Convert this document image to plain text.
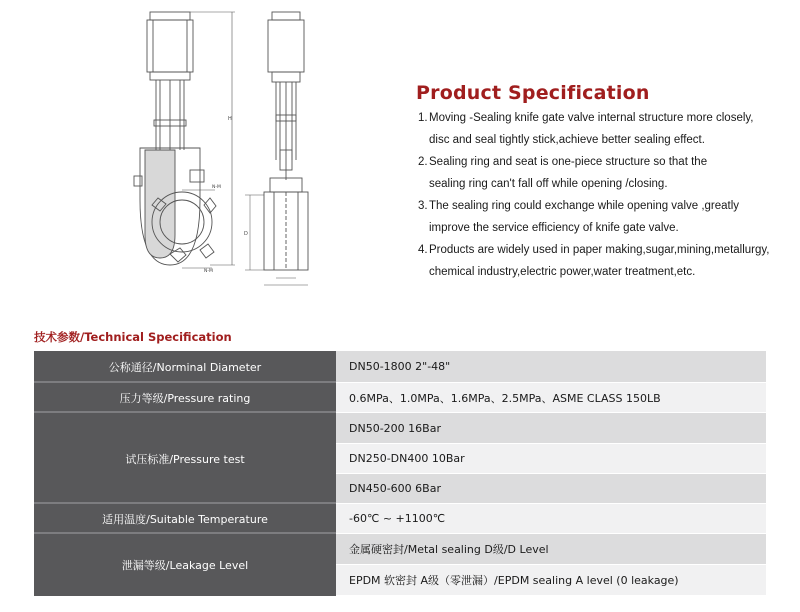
H
N-M
N-M
D
Product Specification
1. Moving -Sealing knife gate valve internal structure more closely,
disc and seal tightly stick,achieve better sealing effect.
2. Sealing ring and seat is one-piece structure so that the
sealing ring can't fall off while opening /closing.
3. The sealing ring could exchange while opening valve ,greatly
improve the service efficiency of knife gate valve.
4. Products are widely used in paper making,sugar,mining,metallurgy,
chemical industry,electric power,water treatment,etc.
技术参数/Technical Specification
公称通径/Norminal Diameter	DN50-1800 2"-48"
压力等级/Pressure rating	0.6MPa、1.0MPa、1.6MPa、2.5MPa、ASME CLASS 150LB
试压标准/Pressure test
DN50-200 16Bar
DN250-DN400 10Bar
DN450-600 6Bar
适用温度/Suitable Temperature	-60℃ ~ +1100℃
泄漏等级/Leakage Level
金属硬密封/Metal sealing D级/D Level
EPDM 软密封 A级（零泄漏）/EPDM sealing A level (0 leakage)
